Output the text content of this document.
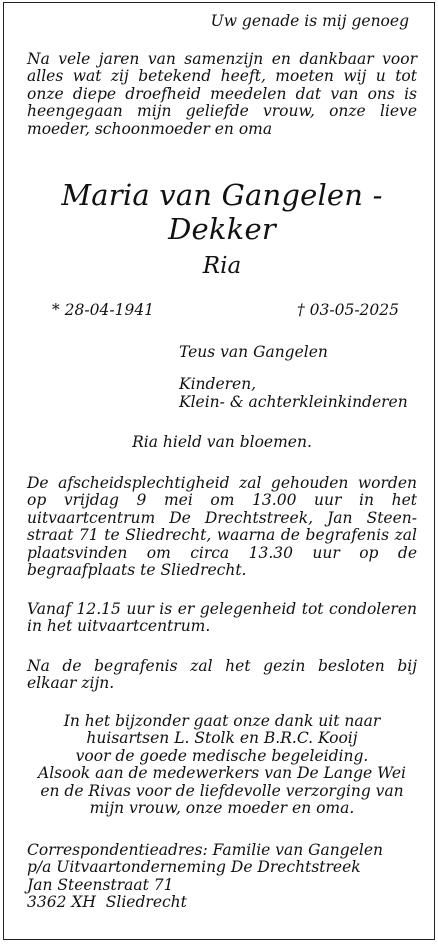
Uw genade is mij genoeg

Na vele jaren van samenzijn en dankbaar voor alles wat zij betekend heeft, moeten wij u tot onze diepe droefheid meedelen dat van ons is heengegaan mijn geliefde vrouw, onze lieve moeder, schoonmoeder en oma

Maria van Gangelen - Dekker

Ria

* 28-04-1941	† 03-05-2025

Teus van Gangelen

Kinderen,
Klein- & achterkleinkinderen

Ria hield van bloemen.

De afscheidsplechtigheid zal gehouden worden op vrijdag 9 mei om 13.00 uur in het uitvaartcentrum De Drechtstreek, Jan Steenstraat 71 te Sliedrecht, waarna de begrafenis zal plaatsvinden om circa 13.30 uur op de begraafplaats te Sliedrecht.

Vanaf 12.15 uur is er gelegenheid tot condoleren in het uitvaartcentrum.

Na de begrafenis zal het gezin besloten bij elkaar zijn.

In het bijzonder gaat onze dank uit naar
huisartsen L. Stolk en B.R.C. Kooij
voor de goede medische begeleiding.
Alsook aan de medewerkers van De Lange Wei
en de Rivas voor de liefdevolle verzorging van
mijn vrouw, onze moeder en oma.
Correspondentieadres: Familie van Gangelen
p/a Uitvaartonderneming De Drechtstreek
Jan Steenstraat 71
3362 XH  Sliedrecht
